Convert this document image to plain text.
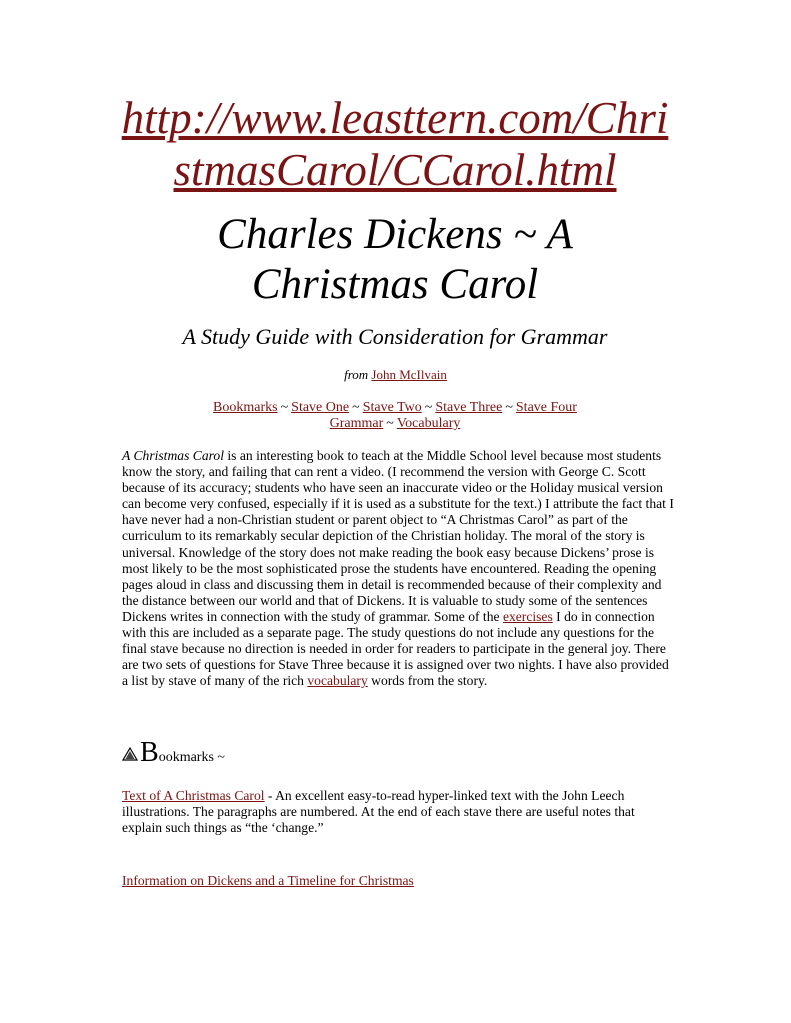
http://www.leasttern.com/Chri
stmasCarol/CCarol.html
Charles Dickens ~ A
Christmas Carol
A Study Guide with Consideration for Grammar
from John McIlvain
Bookmarks ~ Stave One ~ Stave Two ~ Stave Three ~ Stave Four
Grammar ~ Vocabulary

A Christmas Carol is an interesting book to teach at the Middle School level because most students know the story, and failing that can rent a video. (I recommend the version with George C. Scott because of its accuracy; students who have seen an inaccurate video or the Holiday musical version can become very confused, especially if it is used as a substitute for the text.) I attribute the fact that I have never had a non-Christian student or parent object to “A Christmas Carol” as part of the curriculum to its remarkably secular depiction of the Christian holiday. The moral of the story is universal. Knowledge of the story does not make reading the book easy because Dickens’ prose is most likely to be the most sophisticated prose the students have encountered. Reading the opening pages aloud in class and discussing them in detail is recommended because of their complexity and the distance between our world and that of Dickens. It is valuable to study some of the sentences Dickens writes in connection with the study of grammar. Some of the exercises I do in connection with this are included as a separate page. The study questions do not include any questions for the final stave because no direction is needed in order for readers to participate in the general joy. There are two sets of questions for Stave Three because it is assigned over two nights. I have also provided a list by stave of many of the rich vocabulary words from the story.

Bookmarks ~

Text of A Christmas Carol - An excellent easy-to-read hyper-linked text with the John Leech illustrations. The paragraphs are numbered. At the end of each stave there are useful notes that explain such things as “the ‘change.”

Information on Dickens and a Timeline for Christmas
